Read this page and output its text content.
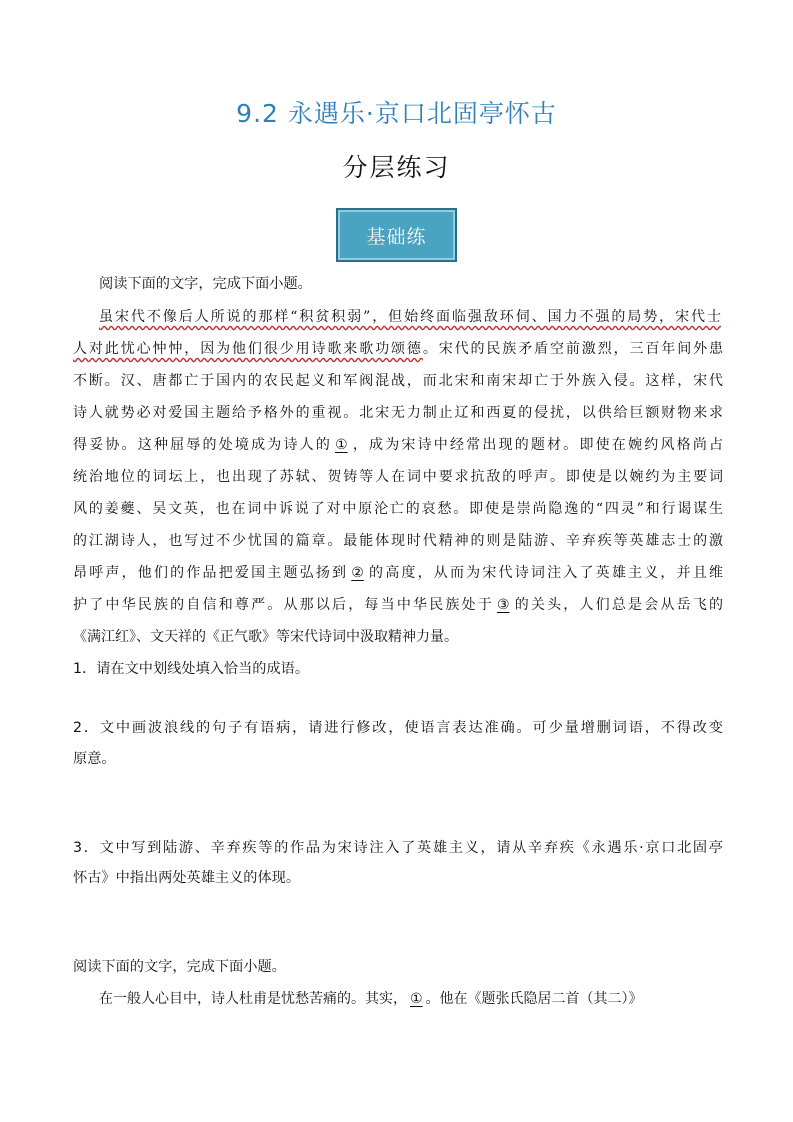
9.2 永遇乐·京口北固亭怀古
分层练习
基础练
阅读下面的文字，完成下面小题。
虽宋代不像后人所说的那样“积贫积弱”，但始终面临强敌环伺、国力不强的局势，宋代士
人对此忧心忡忡，因为他们很少用诗歌来歌功颂德。宋代的民族矛盾空前激烈，三百年间外患
不断。汉、唐都亡于国内的农民起义和军阀混战，而北宋和南宋却亡于外族入侵。这样，宋代
诗人就势必对爱国主题给予格外的重视。北宋无力制止辽和西夏的侵扰，以供给巨额财物来求
得妥协。这种屈辱的处境成为诗人的 ① ，成为宋诗中经常出现的题材。即使在婉约风格尚占
统治地位的词坛上，也出现了苏轼、贺铸等人在词中要求抗敌的呼声。即使是以婉约为主要词
风的姜夔、吴文英，也在词中诉说了对中原沦亡的哀愁。即使是崇尚隐逸的“四灵”和行谒谋生
的江湖诗人，也写过不少忧国的篇章。最能体现时代精神的则是陆游、辛弃疾等英雄志士的激
昂呼声，他们的作品把爱国主题弘扬到 ② 的高度，从而为宋代诗词注入了英雄主义，并且维
护了中华民族的自信和尊严。从那以后，每当中华民族处于 ③ 的关头，人们总是会从岳飞的
《满江红》、文天祥的《正气歌》等宋代诗词中汲取精神力量。
1．请在文中划线处填入恰当的成语。
2．文中画波浪线的句子有语病，请进行修改，使语言表达准确。可少量增删词语，不得改变
原意。
3．文中写到陆游、辛弃疾等的作品为宋诗注入了英雄主义，请从辛弃疾《永遇乐·京口北固亭
怀古》中指出两处英雄主义的体现。
阅读下面的文字，完成下面小题。
在一般人心目中，诗人杜甫是忧愁苦痛的。其实， ① 。他在《题张氏隐居二首（其二）》
